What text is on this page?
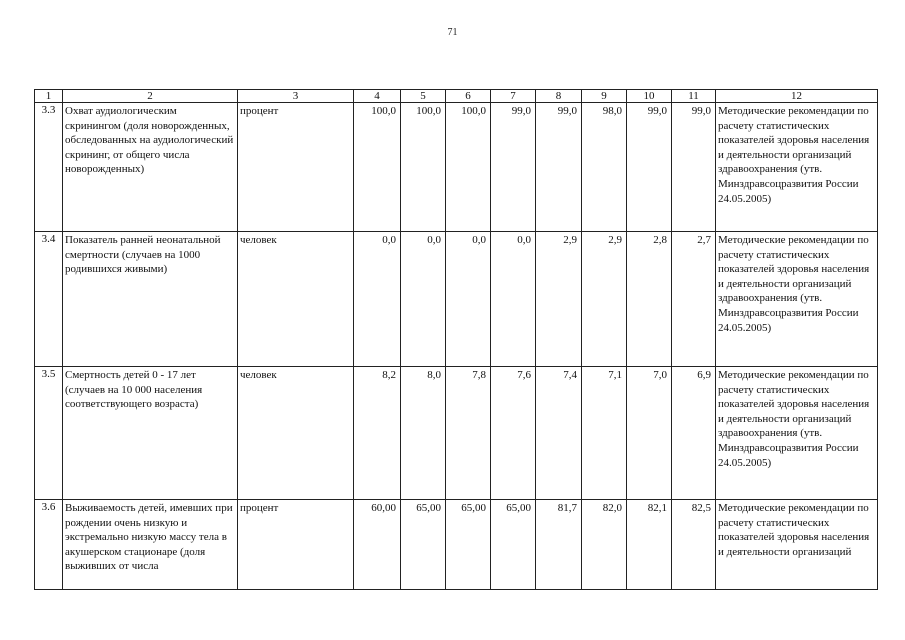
71
1	2	3	4	5	6	7	8	9	10	11	12
3.3	Охват аудиологическим скринингом (доля новорожденных, обследованных на аудиологический скрининг, от общего числа новорожденных)	процент	100,0	100,0	100,0	99,0	99,0	98,0	99,0	99,0	Методические рекомендации по расчету статистических показателей здоровья населения и деятельности организаций здравоохранения (утв. Минздравсоцразвития России 24.05.2005)
3.4	Показатель ранней неонатальной смертности (случаев на 1000 родившихся живыми)	человек	0,0	0,0	0,0	0,0	2,9	2,9	2,8	2,7	Методические рекомендации по расчету статистических показателей здоровья населения и деятельности организаций здравоохранения (утв. Минздравсоцразвития России 24.05.2005)
3.5	Смертность детей 0 - 17 лет (случаев на 10 000 населения соответствующего возраста)	человек	8,2	8,0	7,8	7,6	7,4	7,1	7,0	6,9	Методические рекомендации по расчету статистических показателей здоровья населения и деятельности организаций здравоохранения (утв. Минздравсоцразвития России 24.05.2005)
3.6	Выживаемость детей, имевших при рождении очень низкую и экстремально низкую массу тела в акушерском стационаре (доля выживших от числа	процент	60,00	65,00	65,00	65,00	81,7	82,0	82,1	82,5	Методические рекомендации по расчету статистических показателей здоровья населения и деятельности организаций
